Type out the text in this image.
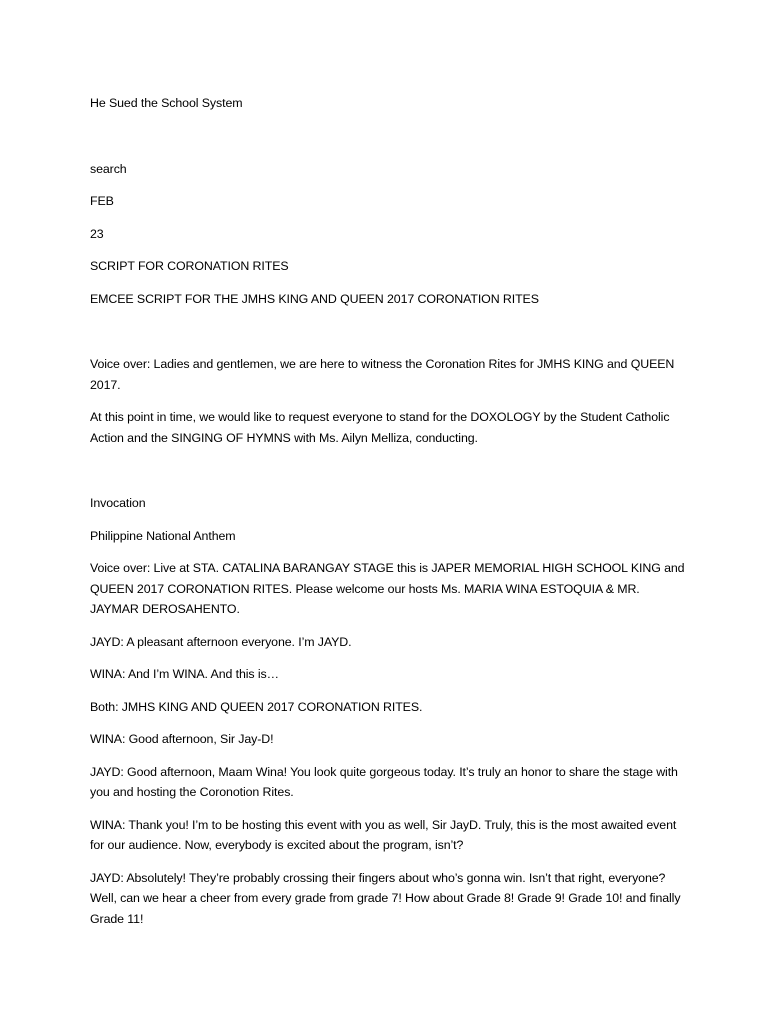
He Sued the School System

search

FEB

23

SCRIPT FOR CORONATION RITES

EMCEE SCRIPT FOR THE JMHS KING AND QUEEN 2017 CORONATION RITES

Voice over: Ladies and gentlemen, we are here to witness the Coronation Rites for JMHS KING and QUEEN 2017.

At this point in time, we would like to request everyone to stand for the DOXOLOGY by the Student Catholic Action and the SINGING OF HYMNS with Ms. Ailyn Melliza, conducting.

Invocation

Philippine National Anthem

Voice over: Live at STA. CATALINA BARANGAY STAGE this is JAPER MEMORIAL HIGH SCHOOL KING and QUEEN 2017 CORONATION RITES. Please welcome our hosts Ms. MARIA WINA ESTOQUIA & MR. JAYMAR DEROSAHENTO.

JAYD: A pleasant afternoon everyone. I’m JAYD.

WINA: And I’m WINA. And this is…

Both: JMHS KING AND QUEEN 2017 CORONATION RITES.

WINA: Good afternoon, Sir Jay-D!

JAYD: Good afternoon, Maam Wina! You look quite gorgeous today. It’s truly an honor to share the stage with you and hosting the Coronotion Rites.

WINA: Thank you! I’m to be hosting this event with you as well, Sir JayD. Truly, this is the most awaited event for our audience. Now, everybody is excited about the program, isn’t?

JAYD: Absolutely! They’re probably crossing their fingers about who’s gonna win. Isn’t that right, everyone? Well, can we hear a cheer from every grade from grade 7! How about Grade 8! Grade 9! Grade 10! and finally Grade 11!
